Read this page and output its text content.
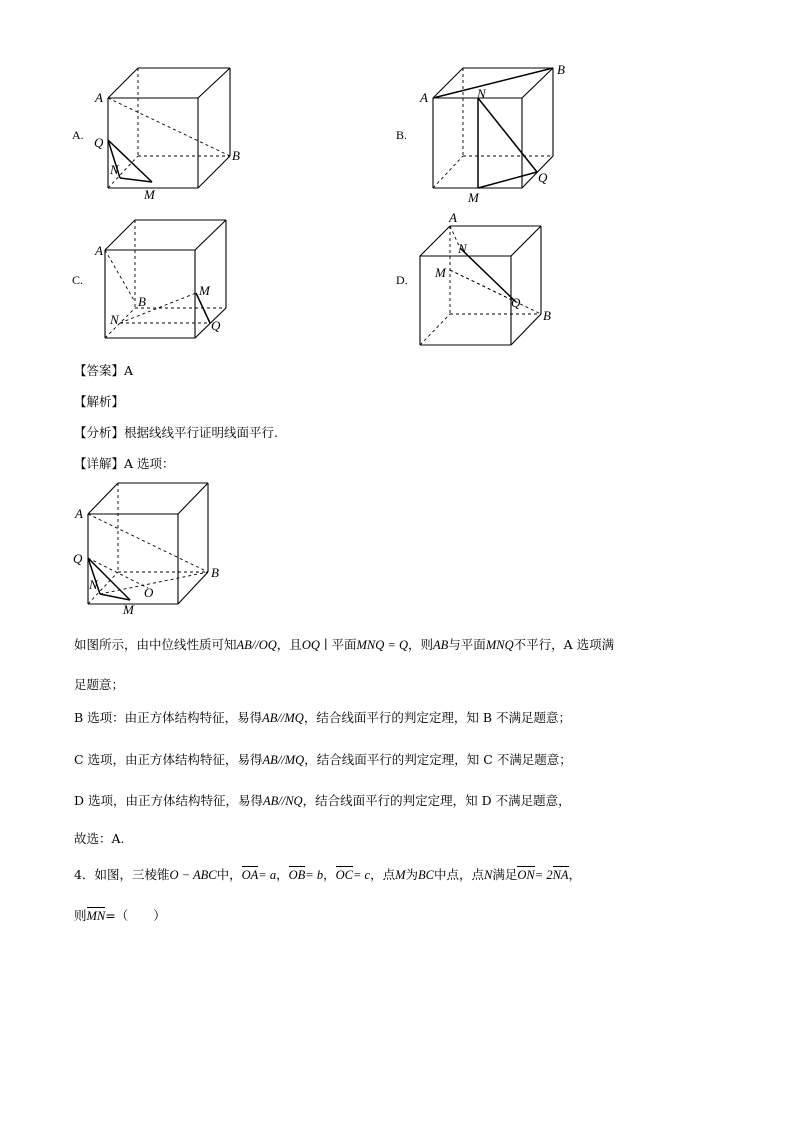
A.
A
B
Q
N
M
B.
A
B
N
Q
M
C.
A
B
M
N	Q
D.
A
N
M
Q
B
【答案】A
【解析】
【分析】根据线线平行证明线面平行.
【详解】A 选项：
A
Q
B
N
O
M
如图所示，由中位线性质可知AB//OQ，且OQ ∣ 平面MNQ = Q，则AB与平面MNQ不平行，A 选项满
足题意；
B 选项：由正方体结构特征，易得AB//MQ，结合线面平行的判定定理，知 B 不满足题意；
C 选项，由正方体结构特征，易得AB//MQ，结合线面平行的判定定理，知 C 不满足题意；
D 选项，由正方体结构特征，易得AB//NQ，结合线面平行的判定定理，知 D 不满足题意，
故选：A.
4．如图，三棱锥O − ABC中，OA= a，OB= b，OC= c，点M为BC中点，点N满足ON= 2NA，
则MN=（　　）
